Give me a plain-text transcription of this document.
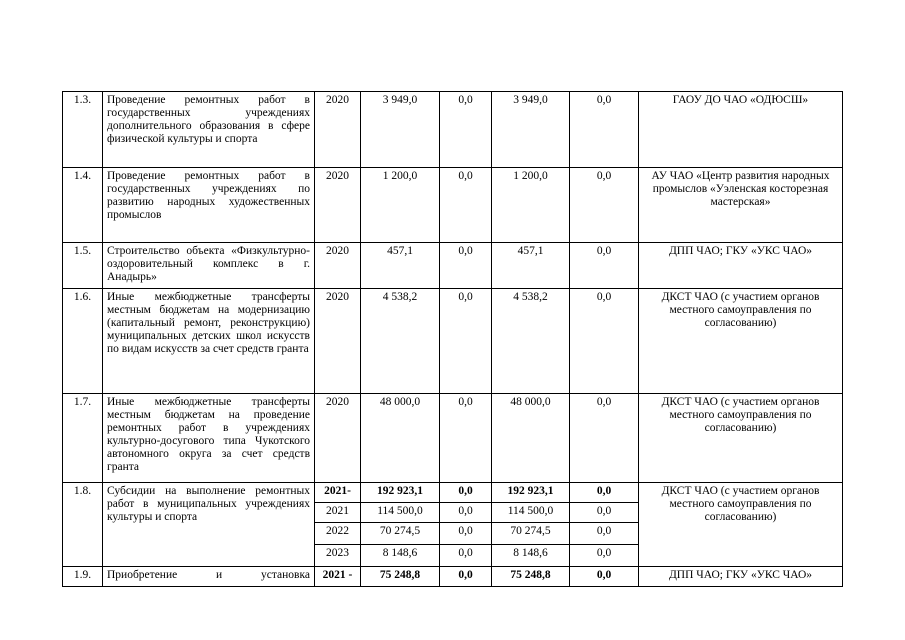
1.3.	Проведение ремонтных работ в государственных учреждениях дополнительного образования в сфере физической культуры и спорта	2020	3 949,0	0,0	3 949,0	0,0	ГАОУ ДО ЧАО «ОДЮСШ»
1.4.	Проведение ремонтных работ в государственных учреждениях по развитию народных художественных промыслов	2020	1 200,0	0,0	1 200,0	0,0	АУ ЧАО «Центр развития народных промыслов «Уэленская косторезная мастерская»
1.5.	Строительство объекта «Физкультурно-оздоровительный комплекс в г. Анадырь»	2020	457,1	0,0	457,1	0,0	ДПП ЧАО; ГКУ «УКС ЧАО»
1.6.	Иные межбюджетные трансферты местным бюджетам на модернизацию (капитальный ремонт, реконструкцию) муниципальных детских школ искусств по видам искусств за счет средств гранта	2020	4 538,2	0,0	4 538,2	0,0	ДКСТ ЧАО (с участием органов местного самоуправления по согласованию)
1.7.	Иные межбюджетные трансферты местным бюджетам на проведение ремонтных работ в учреждениях культурно-досугового типа Чукотского автономного округа за счет средств гранта	2020	48 000,0	0,0	48 000,0	0,0	ДКСТ ЧАО (с участием органов местного самоуправления по согласованию)
1.8.	Субсидии на выполнение ремонтных работ в муниципальных учреждениях культуры и спорта	2021-	192 923,1	0,0	192 923,1	0,0	ДКСТ ЧАО (с участием органов местного самоуправления по согласованию)
		2021	114 500,0	0,0	114 500,0	0,0	
		2022	70 274,5	0,0	70 274,5	0,0	
		2023	8 148,6	0,0	8 148,6	0,0	
1.9.	Приобретение и установка	2021 -	75 248,8	0,0	75 248,8	0,0	ДПП ЧАО; ГКУ «УКС ЧАО»
